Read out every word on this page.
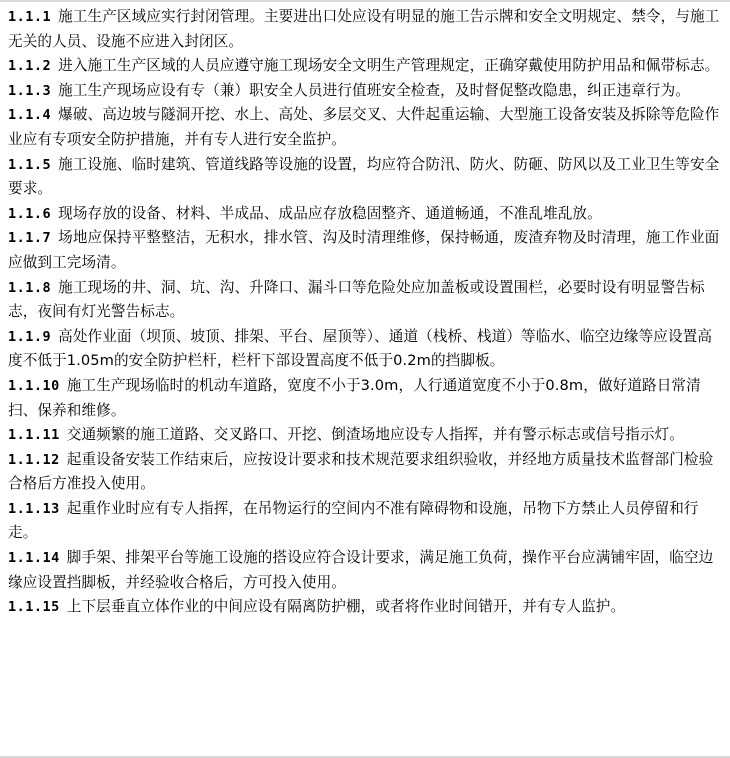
1.1.1 施工生产区域应实行封闭管理。主要进出口处应设有明显的施工告示牌和安全文明规定、禁令，与施工无关的人员、设施不应进入封闭区。

1.1.2 进入施工生产区域的人员应遵守施工现场安全文明生产管理规定，正确穿戴使用防护用品和佩带标志。

1.1.3 施工生产现场应设有专（兼）职安全人员进行值班安全检查，及时督促整改隐患，纠正违章行为。

1.1.4 爆破、高边坡与隧洞开挖、水上、高处、多层交叉、大件起重运输、大型施工设备安装及拆除等危险作业应有专项安全防护措施，并有专人进行安全监护。

1.1.5 施工设施、临时建筑、管道线路等设施的设置，均应符合防汛、防火、防砸、防风以及工业卫生等安全要求。

1.1.6 现场存放的设备、材料、半成品、成品应存放稳固整齐、通道畅通，不准乱堆乱放。

1.1.7 场地应保持平整整洁，无积水，排水管、沟及时清理维修，保持畅通，废渣弃物及时清理，施工作业面应做到工完场清。

1.1.8 施工现场的井、洞、坑、沟、升降口、漏斗口等危险处应加盖板或设置围栏，必要时设有明显警告标志，夜间有灯光警告标志。

1.1.9 高处作业面（坝顶、坡顶、排架、平台、屋顶等）、通道（栈桥、栈道）等临水、临空边缘等应设置高度不低于1.05m的安全防护栏杆，栏杆下部设置高度不低于0.2m的挡脚板。

1.1.10 施工生产现场临时的机动车道路，宽度不小于3.0m，人行通道宽度不小于0.8m，做好道路日常清扫、保养和维修。

1.1.11 交通频繁的施工道路、交叉路口、开挖、倒渣场地应设专人指挥，并有警示标志或信号指示灯。

1.1.12 起重设备安装工作结束后，应按设计要求和技术规范要求组织验收，并经地方质量技术监督部门检验合格后方准投入使用。

1.1.13 起重作业时应有专人指挥，在吊物运行的空间内不准有障碍物和设施，吊物下方禁止人员停留和行走。

1.1.14 脚手架、排架平台等施工设施的搭设应符合设计要求，满足施工负荷，操作平台应满铺牢固，临空边缘应设置挡脚板，并经验收合格后，方可投入使用。

1.1.15 上下层垂直立体作业的中间应设有隔离防护棚，或者将作业时间错开，并有专人监护。
